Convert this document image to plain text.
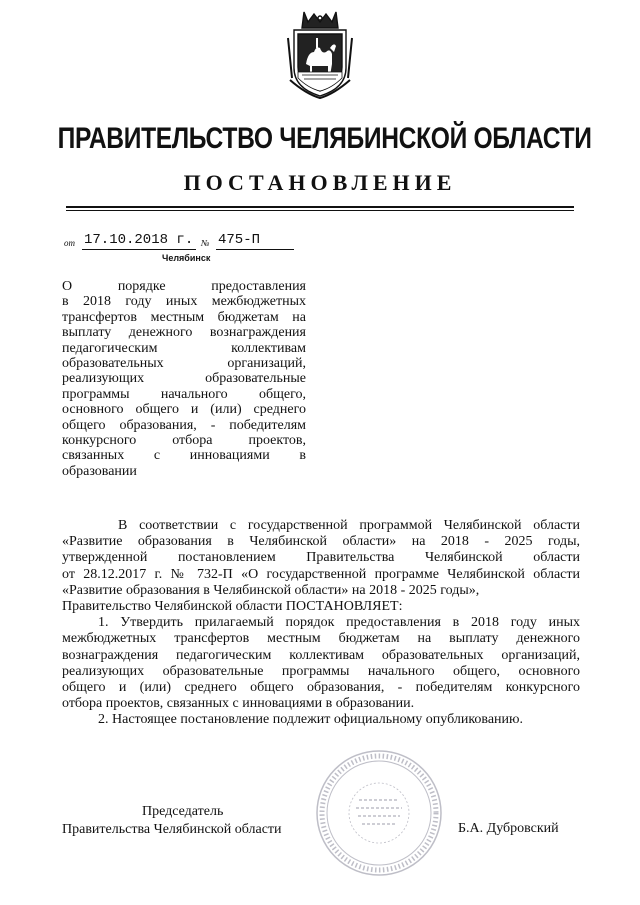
ПРАВИТЕЛЬСТВО ЧЕЛЯБИНСКОЙ ОБЛАСТИ
ПОСТАНОВЛЕНИЕ
от 17.10.2018 г. № 475-П
Челябинск
О порядке предоставления
в 2018 году иных межбюджетных
трансфертов местным бюджетам на
выплату денежного вознаграждения
педагогическим коллективам
образовательных организаций,
реализующих образовательные
программы начального общего,
основного общего и (или) среднего
общего образования, - победителям
конкурсного отбора проектов,
связанных с инновациями в
образовании
В соответствии с государственной программой Челябинской области
«Развитие образования в Челябинской области» на 2018 - 2025 годы,
утвержденной постановлением Правительства Челябинской области
от 28.12.2017 г. № 732-П «О государственной программе Челябинской области
«Развитие образования в Челябинской области» на 2018 - 2025 годы»,
Правительство Челябинской области ПОСТАНОВЛЯЕТ:
1. Утвердить прилагаемый порядок предоставления в 2018 году иных
межбюджетных трансфертов местным бюджетам на выплату денежного
вознаграждения педагогическим коллективам образовательных организаций,
реализующих образовательные программы начального общего, основного
общего и (или) среднего общего образования, - победителям конкурсного
отбора проектов, связанных с инновациями в образовании.
2. Настоящее постановление подлежит официальному опубликованию.
Председатель
Правительства Челябинской области	Б.А. Дубровский
